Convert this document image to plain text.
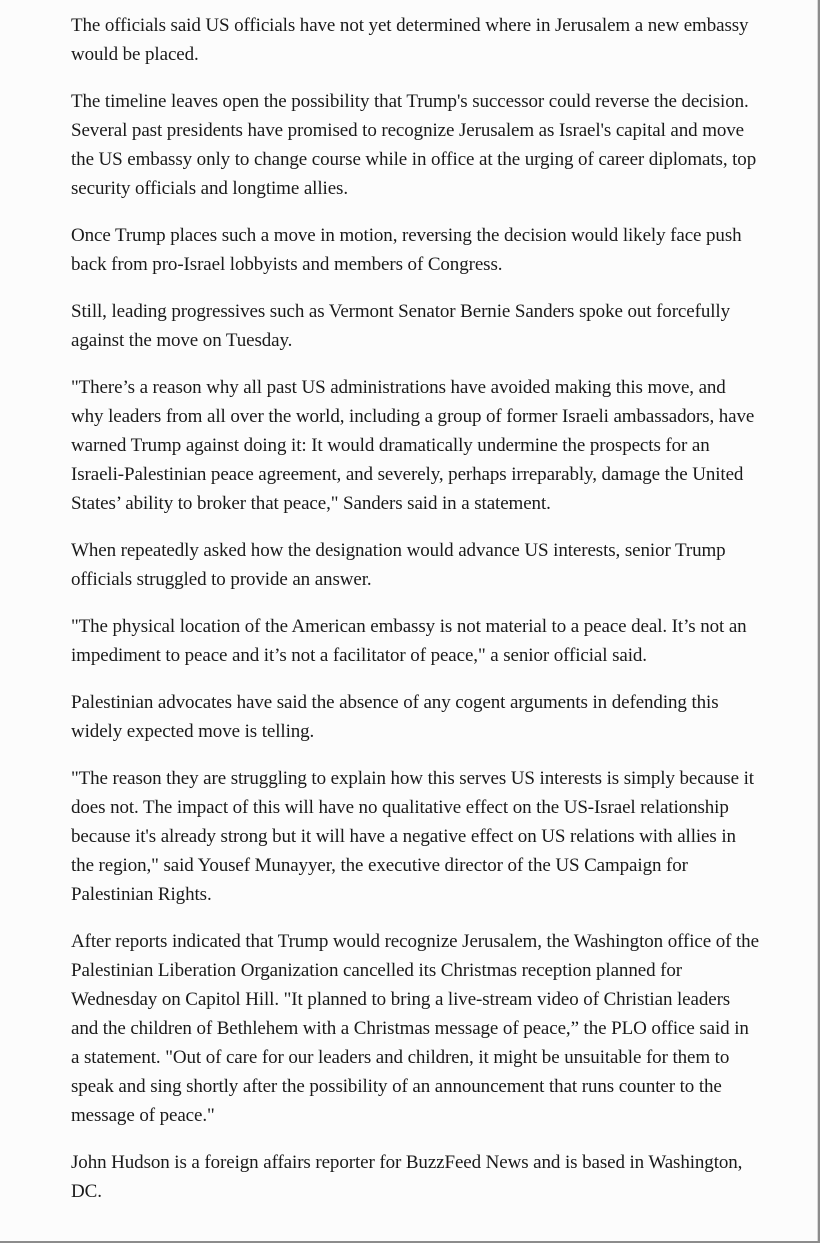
The officials said US officials have not yet determined where in Jerusalem a new embassy would be placed.

The timeline leaves open the possibility that Trump's successor could reverse the decision. Several past presidents have promised to recognize Jerusalem as Israel's capital and move the US embassy only to change course while in office at the urging of career diplomats, top security officials and longtime allies.

Once Trump places such a move in motion, reversing the decision would likely face push back from pro-Israel lobbyists and members of Congress.

Still, leading progressives such as Vermont Senator Bernie Sanders spoke out forcefully against the move on Tuesday.

"There’s a reason why all past US administrations have avoided making this move, and why leaders from all over the world, including a group of former Israeli ambassadors, have warned Trump against doing it: It would dramatically undermine the prospects for an Israeli-Palestinian peace agreement, and severely, perhaps irreparably, damage the United States’ ability to broker that peace," Sanders said in a statement.

When repeatedly asked how the designation would advance US interests, senior Trump officials struggled to provide an answer.

"The physical location of the American embassy is not material to a peace deal. It’s not an impediment to peace and it’s not a facilitator of peace," a senior official said.

Palestinian advocates have said the absence of any cogent arguments in defending this widely expected move is telling.

"The reason they are struggling to explain how this serves US interests is simply because it does not. The impact of this will have no qualitative effect on the US-Israel relationship because it's already strong but it will have a negative effect on US relations with allies in the region," said Yousef Munayyer, the executive director of the US Campaign for Palestinian Rights.

After reports indicated that Trump would recognize Jerusalem, the Washington office of the Palestinian Liberation Organization cancelled its Christmas reception planned for Wednesday on Capitol Hill. "It planned to bring a live-stream video of Christian leaders and the children of Bethlehem with a Christmas message of peace,” the PLO office said in a statement. "Out of care for our leaders and children, it might be unsuitable for them to speak and sing shortly after the possibility of an announcement that runs counter to the message of peace."

John Hudson is a foreign affairs reporter for BuzzFeed News and is based in Washington, DC.
